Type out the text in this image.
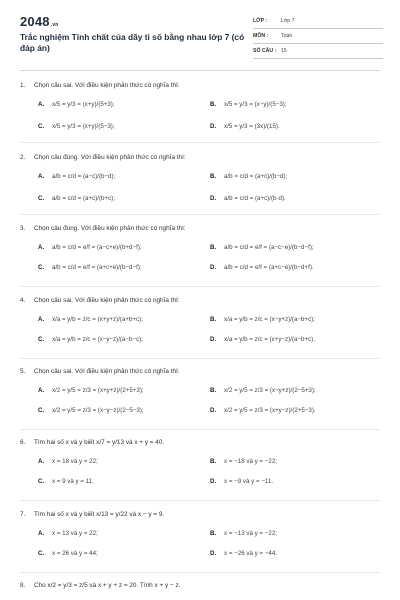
2048.vn
Trắc nghiệm Tính chất của dãy tỉ số bằng nhau lớp 7 (có đáp án)
LỚP :	Lớp 7
MÔN :	Toán
SỐ CÂU : 15
1.	Chọn câu sai. Với điều kiện phân thức có nghĩa thì:
A.	x/5 = y/3 = (x+y)/(5+3);	B.	x/5 = y/3 = (x−y)/(5−3);
C.	x/5 = y/3 = (x+y)/(5−3);	D.	x/5 = y/3 = (3x)/(15).
2.	Chọn câu đúng. Với điều kiện phân thức có nghĩa thì:
A.	a/b = c/d = (a−c)/(b−d);	B.	a/b = c/d = (a+c)/(b−d);
C.	a/b = c/d = (a+c)/(b+c);	D.	a/b = c/d = (a+c)/(b·d).
3.	Chọn câu đúng. Với điều kiện phân thức có nghĩa thì:
A.	a/b = c/d = e/f = (a−c+e)/(b+d−f);	B.	a/b = c/d = e/f = (a−c−e)/(b−d−f);
C.	a/b = c/d = e/f = (a+c+e)/(b−d−f);	D.	a/b = c/d = e/f = (a+c−e)/(b−d+f).
4.	Chọn câu sai. Với điều kiện phân thức có nghĩa thì:
A.	x/a = y/b = z/c = (x+y+z)/(a+b+c);	B.	x/a = y/b = z/c = (x−y+z)/(a−b+c);
C.	x/a = y/b = z/c = (x−y−z)/(a−b−c);	D.	x/a = y/b = z/c = (x+y−z)/(a−b+c).
5.	Chọn câu sai. Với điều kiện phân thức có nghĩa thì:
A.	x/2 = y/5 = z/3 = (x+y+z)/(2+5+3);	B.	x/2 = y/5 = z/3 = (x−y+z)/(2−5+3);
C.	x/2 = y/5 = z/3 = (x−y−z)/(2−5−3);	D.	x/2 = y/5 = z/3 = (x+y−z)/(2+5−3).
6.	Tìm hai số x và y biết x/7 = y/13 và x + y = 40.
A.	x = 18 và y = 22;	B.	x = −18 và y = −22;
C.	x = 9 và y = 11;	D.	x = −9 và y = −11.
7.	Tìm hai số x và y biết x/13 = y/22 và x − y = 9.
A.	x = 13 và y = 22;	B.	x = −13 và y = −22;
C.	x = 26 và y = 44;	D.	x = −26 và y = −44.
8.	Cho x/2 = y/3 = z/5 và x + y + z = 20. Tính x + y − z.
